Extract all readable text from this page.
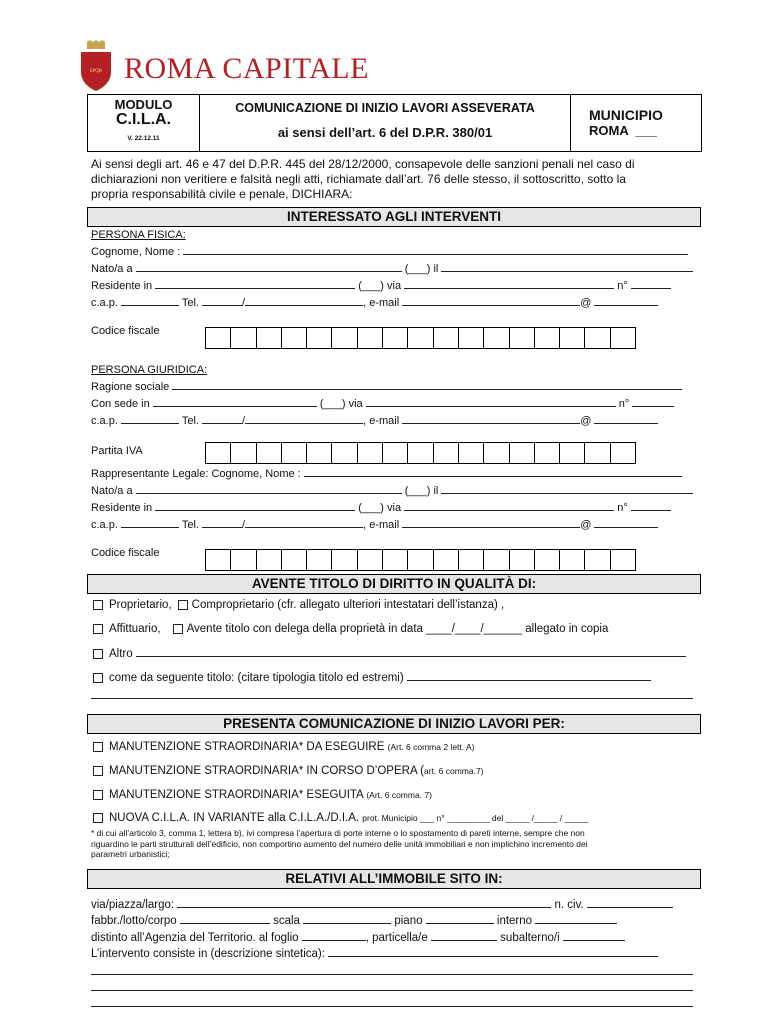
SPQR ROMA CAPITALE
MODULO
C.I.L.A.
V. 22.12.11
COMUNICAZIONE DI INIZIO LAVORI ASSEVERATA
ai sensi dell’art. 6 del D.P.R. 380/01
MUNICIPIO
ROMA  ___
Ai sensi degli art. 46 e 47 del D.P.R. 445 del 28/12/2000, consapevole delle sanzioni penali nel caso di
dichiarazioni non veritiere e falsità negli atti, richiamate dall’art. 76 delle stesso, il sottoscritto, sotto la
propria responsabilità civile e penale, DICHIARA:
INTERESSATO AGLI INTERVENTI
PERSONA FISICA:
Cognome, Nome :
Nato/a a	(___) il
Residente in	(___) via	n°
c.a.p.	Tel.	/	, e-mail	@
Codice fiscale
PERSONA GIURIDICA:
Ragione sociale
Con sede in	(___) via	n°
c.a.p.	Tel.	/	, e-mail	@
Partita IVA
Rappresentante Legale: Cognome, Nome :
Nato/a a	(___) il
Residente in	(___) via	n°
c.a.p.	Tel.	/	, e-mail	@
Codice fiscale
AVENTE TITOLO DI DIRITTO IN QUALITÀ DI:
Proprietario, Comproprietario (cfr. allegato ulteriori intestatari dell’istanza) ,
Affittuario, Avente titolo con delega della proprietà in data ____/____/______ allegato in copia
Altro
come da seguente titolo: (citare tipologia titolo ed estremi)
PRESENTA COMUNICAZIONE DI INIZIO LAVORI PER:
MANUTENZIONE STRAORDINARIA* DA ESEGUIRE (Art. 6 comma 2 lett. A)
MANUTENZIONE STRAORDINARIA* IN CORSO D’OPERA (art. 6 comma.7)
MANUTENZIONE STRAORDINARIA* ESEGUITA (Art. 6 comma. 7)
NUOVA C.I.L.A. IN VARIANTE alla C.I.L.A./D.I.A. prot. Municipio ___ n° _________ del _____ /_____ / _____
* di cui all’articolo 3, comma 1, lettera b), ivi compresa l’apertura di porte interne o lo spostamento di pareti interne, sempre che non
riguardino le parti strutturali dell’edificio, non comportino aumento del numero delle unità immobiliari e non implichino incremento dei
parametri urbanistici;
RELATIVI ALL’IMMOBILE SITO IN:
via/piazza/largo:	n. civ.
fabbr./lotto/corpo	scala	piano	interno
distinto all’Agenzia del Territorio. al foglio	, particella/e	subalterno/i
L’intervento consiste in (descrizione sintetica):
